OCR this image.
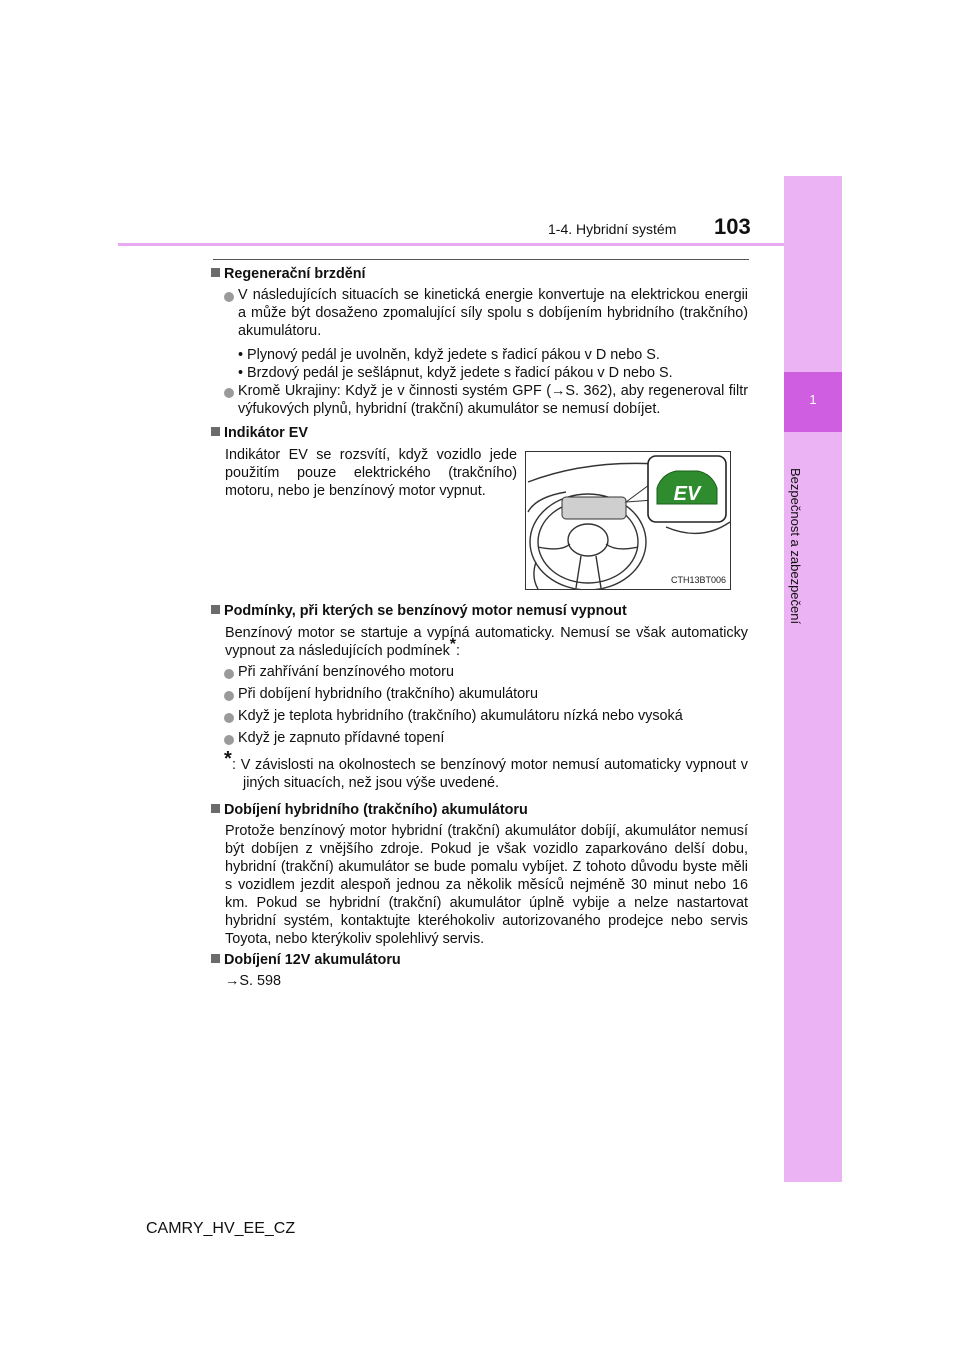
1-4. Hybridní systém 103
1
Bezpečnost a zabezpečení
Regenerační brzdění
V následujících situacích se kinetická energie konvertuje na elektrickou energii a může být dosaženo zpomalující síly spolu s dobíjením hybridního (trakčního) akumulátoru.
• Plynový pedál je uvolněn, když jedete s řadicí pákou v D nebo S.
• Brzdový pedál je sešlápnut, když jedete s řadicí pákou v D nebo S.
Kromě Ukrajiny: Když je v činnosti systém GPF (→S. 362), aby regeneroval filtr výfukových plynů, hybridní (trakční) akumulátor se nemusí dobíjet.
Indikátor EV
Indikátor EV se rozsvítí, když vozidlo jede použitím pouze elektrického (trakčního) motoru, nebo je benzínový motor vypnut.	EV
CTH13BT006
Podmínky, při kterých se benzínový motor nemusí vypnout
Benzínový motor se startuje a vypíná automaticky. Nemusí se však automaticky vypnout za následujících podmínek*:
Při zahřívání benzínového motoru
Při dobíjení hybridního (trakčního) akumulátoru
Když je teplota hybridního (trakčního) akumulátoru nízká nebo vysoká
Když je zapnuto přídavné topení
* : V závislosti na okolnostech se benzínový motor nemusí automaticky vypnout v jiných situacích, než jsou výše uvedené.
Dobíjení hybridního (trakčního) akumulátoru
Protože benzínový motor hybridní (trakční) akumulátor dobíjí, akumulátor nemusí být dobíjen z vnějšího zdroje. Pokud je však vozidlo zaparkováno delší dobu, hybridní (trakční) akumulátor se bude pomalu vybíjet. Z tohoto důvodu byste měli s vozidlem jezdit alespoň jednou za několik měsíců nejméně 30 minut nebo 16 km. Pokud se hybridní (trakční) akumulátor úplně vybije a nelze nastartovat hybridní systém, kontaktujte kteréhokoliv autorizovaného prodejce nebo servis Toyota, nebo kterýkoliv spolehlivý servis.
Dobíjení 12V akumulátoru
→S. 598
CAMRY_HV_EE_CZ
